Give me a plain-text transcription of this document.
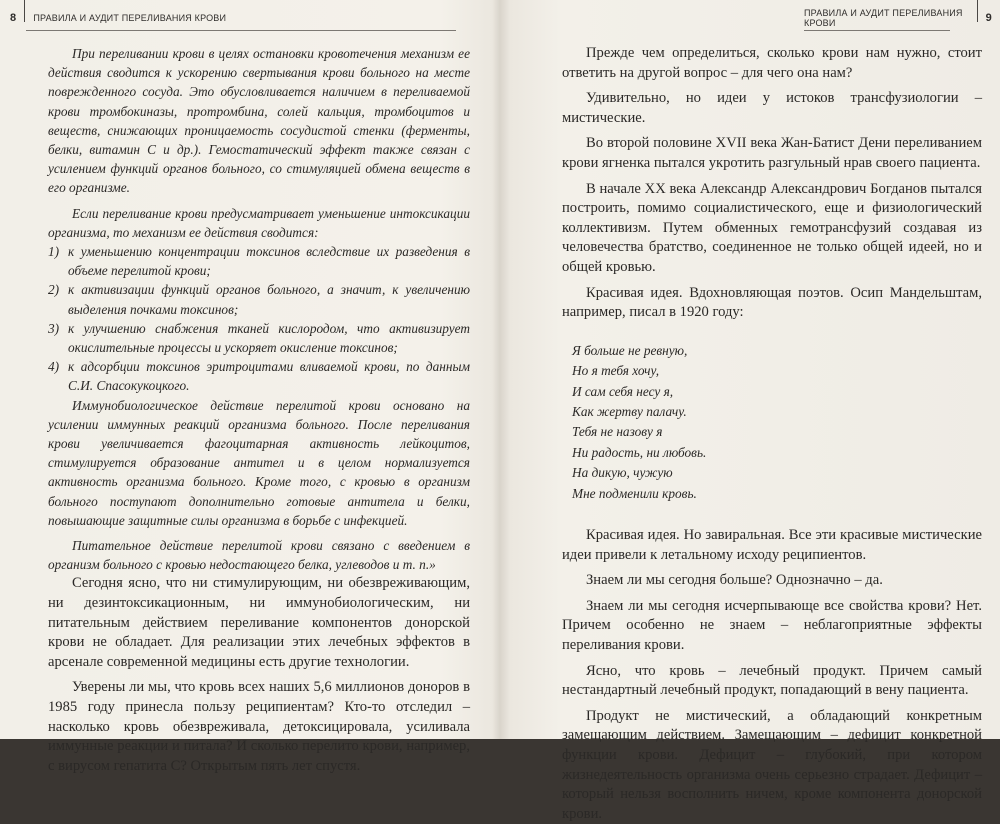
8 ПРАВИЛА И АУДИТ ПЕРЕЛИВАНИЯ КРОВИ

При переливании крови в целях остановки кровотечения механизм ее действия сводится к ускорению свертывания крови больного на месте поврежденного сосуда. Это обусловливается наличием в переливаемой крови тромбокиназы, протромбина, солей кальция, тромбоцитов и веществ, снижающих проницаемость сосудистой стенки (ферменты, белки, витамин С и др.). Гемостатический эффект также связан с усилением функций органов больного, со стимуляцией обмена веществ в его организме.

Если переливание крови предусматривает уменьшение интоксикации организма, то механизм ее действия сводится:

1) к уменьшению концентрации токсинов вследствие их разведения в объеме перелитой крови;

2) к активизации функций органов больного, а значит, к увеличению выделения почками токсинов;

3) к улучшению снабжения тканей кислородом, что активизирует окислительные процессы и ускоряет окисление токсинов;

4) к адсорбции токсинов эритроцитами вливаемой крови, по данным С.И. Спасокукоцкого.

Иммунобиологическое действие перелитой крови основано на усилении иммунных реакций организма больного. После переливания крови увеличивается фагоцитарная активность лейкоцитов, стимулируется образование антител и в целом нормализуется активность организма больного. Кроме того, с кровью в организм больного поступают дополнительно готовые антитела и белки, повышающие защитные силы организма в борьбе с инфекцией.

Питательное действие перелитой крови связано с введением в организм больного с кровью недостающего белка, углеводов и т. п.»

Сегодня ясно, что ни стимулирующим, ни обезвреживающим, ни дезинтоксикационным, ни иммунобиологическим, ни питательным действием переливание компонентов донорской крови не обладает. Для реализации этих лечебных эффектов в арсенале современной медицины есть другие технологии.

Уверены ли мы, что кровь всех наших 5,6 миллионов доноров в 1985 году принесла пользу реципиентам? Кто-то отследил – насколько кровь обезвреживала, детоксицировала, усиливала иммунные реакции и питала? И сколько перелито крови, например, с вирусом гепатита С? Открытым пять лет спустя.

ПРАВИЛА И АУДИТ ПЕРЕЛИВАНИЯ КРОВИ	9

Прежде чем определиться, сколько крови нам нужно, стоит ответить на другой вопрос – для чего она нам?

Удивительно, но идеи у истоков трансфузиологии – мистические.

Во второй половине XVII века Жан-Батист Дени переливанием крови ягненка пытался укротить разгульный нрав своего пациента.

В начале ХХ века Александр Александрович Богданов пытался построить, помимо социалистического, еще и физиологический коллективизм. Путем обменных гемотрансфузий создавая из человечества братство, соединенное не только общей идеей, но и общей кровью.

Красивая идея. Вдохновляющая поэтов. Осип Мандельштам, например, писал в 1920 году:

Я больше не ревную,

Но я тебя хочу,

И сам себя несу я,

Как жертву палачу.

Тебя не назову я

Ни радость, ни любовь.

На дикую, чужую

Мне подменили кровь.

Красивая идея. Но завиральная. Все эти красивые мистические идеи привели к летальному исходу реципиентов.

Знаем ли мы сегодня больше? Однозначно – да.

Знаем ли мы сегодня исчерпывающе все свойства крови? Нет. Причем особенно не знаем – неблагоприятные эффекты переливания крови.

Ясно, что кровь – лечебный продукт. Причем самый нестандартный лечебный продукт, попадающий в вену пациента.

Продукт не мистический, а обладающий конкретным замещающим действием. Замещающим – дефицит конкретной функции крови. Дефицит – глубокий, при котором жизнедеятельность организма очень серьезно страдает. Дефицит – который нельзя восполнить ничем, кроме компонента донорской крови.
